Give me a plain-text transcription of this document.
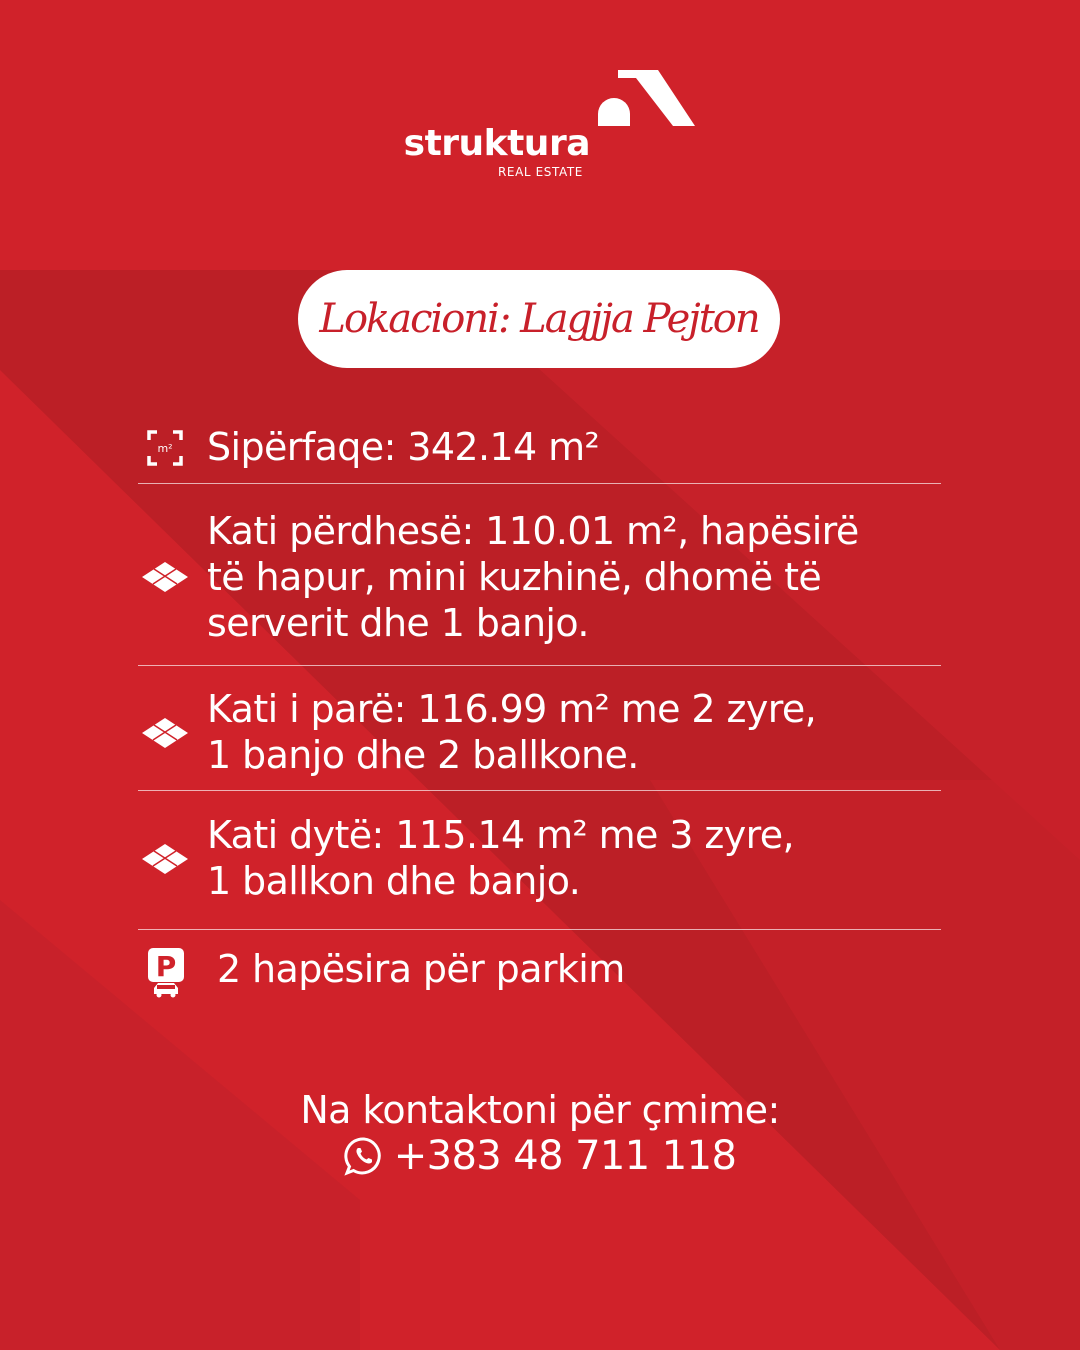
struktura
REAL ESTATE
Lokacioni: Lagjja Pejton
m² Sipërfaqe: 342.14 m²
Kati përdhesë: 110.01 m², hapësirë
të hapur, mini kuzhinë, dhomë të
serverit dhe 1 banjo.
Kati i parë: 116.99 m² me 2 zyre,
1 banjo dhe 2 ballkone.
Kati dytë: 115.14 m² me 3 zyre,
1 ballkon dhe banjo.
P 2 hapësira për parkim
Na kontaktoni për çmime:
+383 48 711 118
